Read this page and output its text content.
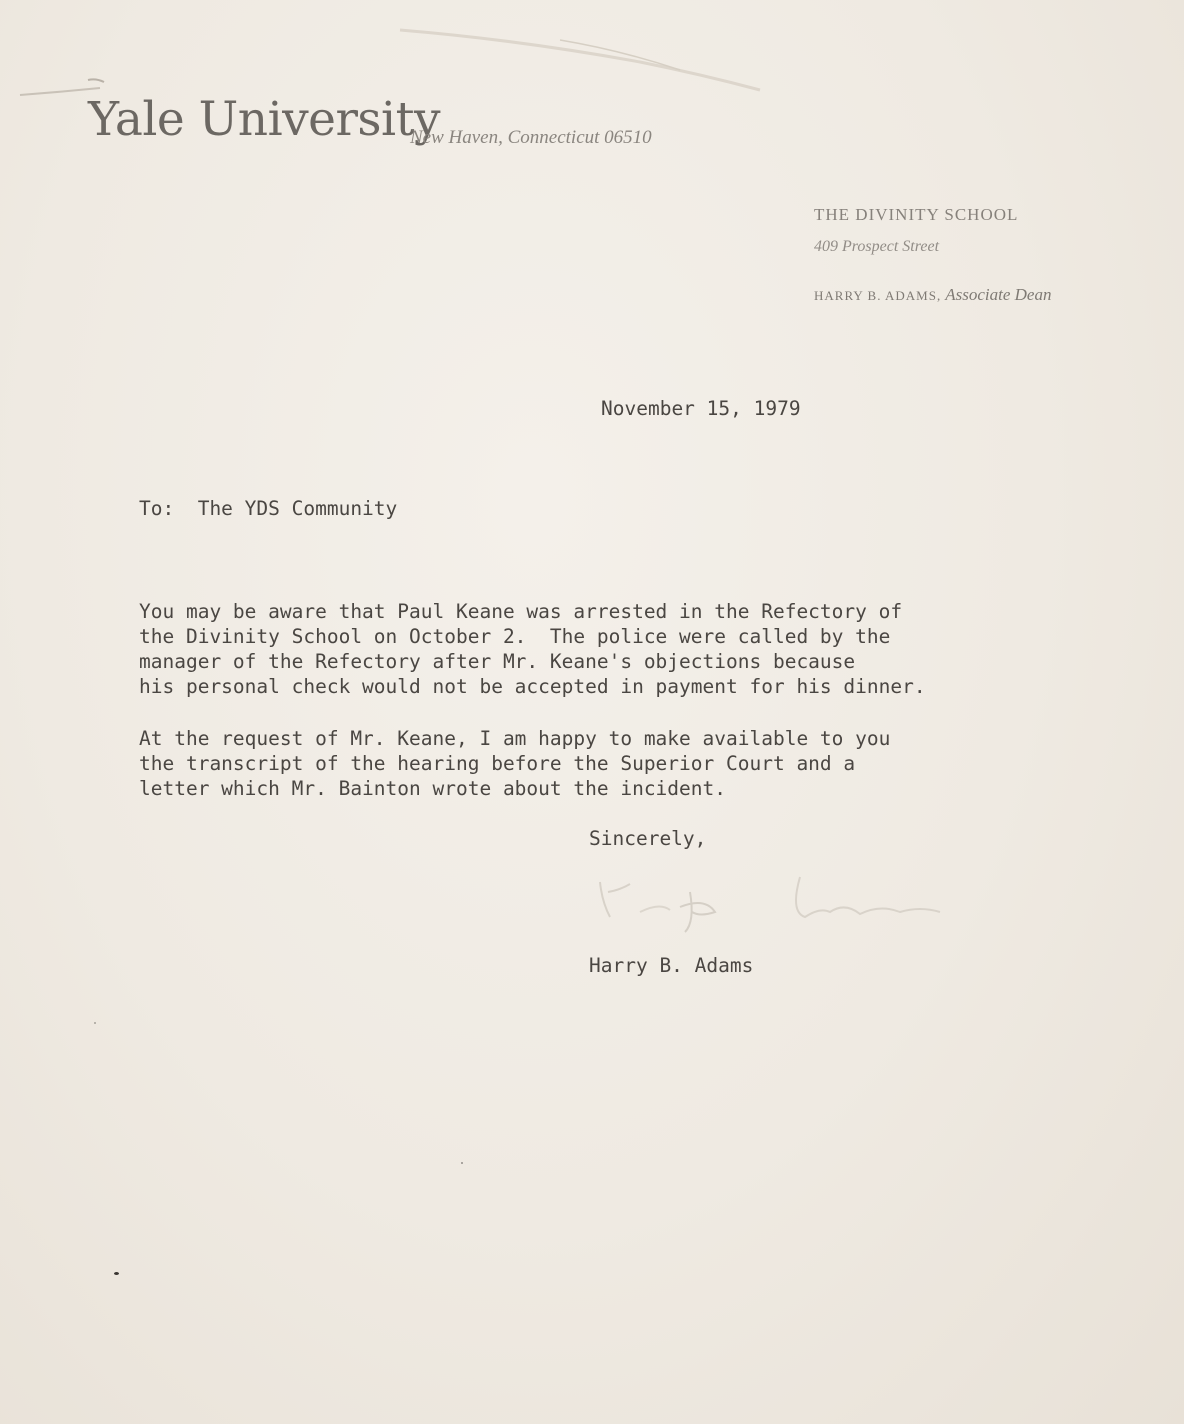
Yale University
New Haven, Connecticut 06510
THE DIVINITY SCHOOL
409 Prospect Street
HARRY B. ADAMS, Associate Dean
November 15, 1979
To:  The YDS Community
You may be aware that Paul Keane was arrested in the Refectory of
the Divinity School on October 2.  The police were called by the
manager of the Refectory after Mr. Keane's objections because
his personal check would not be accepted in payment for his dinner.
At the request of Mr. Keane, I am happy to make available to you
the transcript of the hearing before the Superior Court and a
letter which Mr. Bainton wrote about the incident.
Sincerely,
Harry B. Adams
